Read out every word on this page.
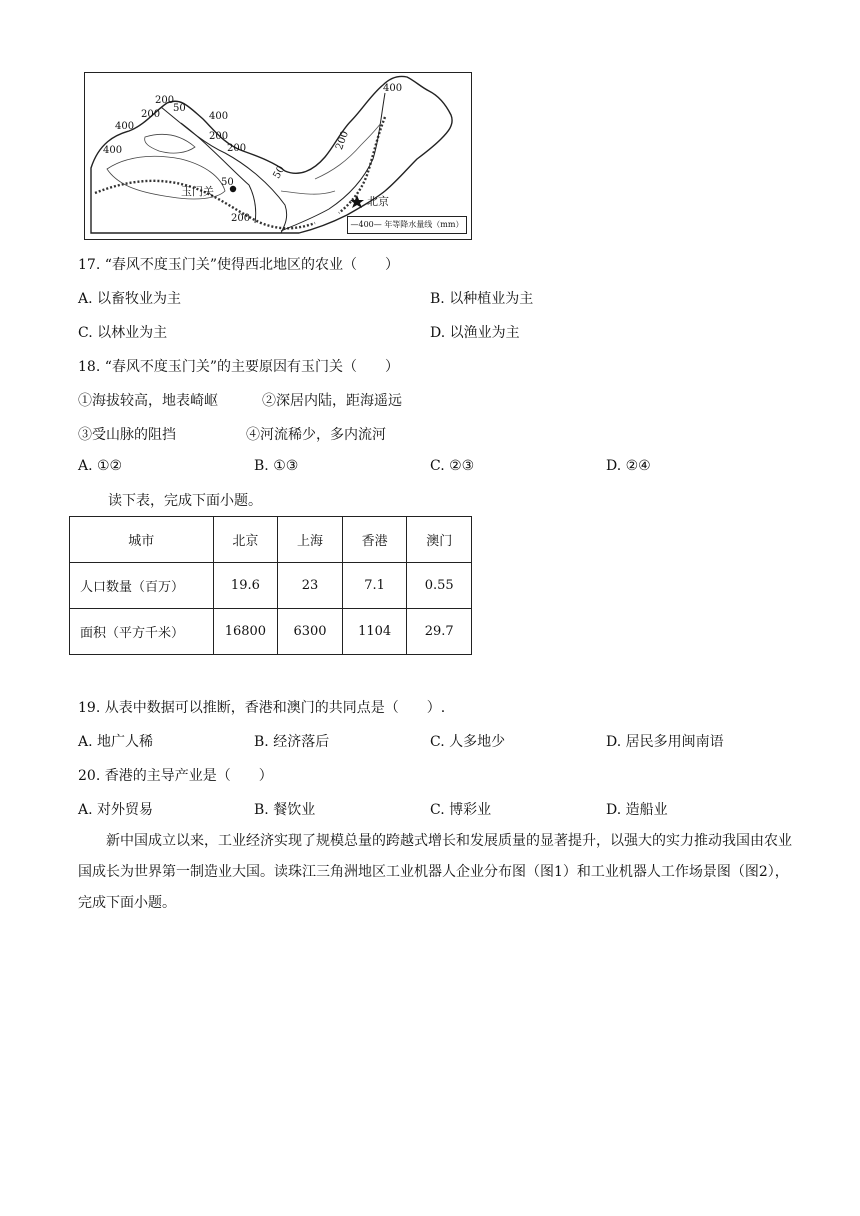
400
200
50
200	400
200
400
200
400	200
50
50
200
玉门关
北京
—400— 年等降水量线（mm）
17. “春风不度玉门关”使得西北地区的农业（　　）
A. 以畜牧业为主	B. 以种植业为主
C. 以林业为主	D. 以渔业为主
18. “春风不度玉门关”的主要原因有玉门关（　　）
①海拔较高，地表崎岖	②深居内陆，距海遥远
③受山脉的阻挡	④河流稀少，多内流河
A. ①②	B. ①③	C. ②③	D. ②④
读下表，完成下面小题。
城市	北京	上海	香港	澳门
人口数量（百万）	19.6	23	7.1	0.55
面积（平方千米）	16800	6300	1104	29.7
19. 从表中数据可以推断，香港和澳门的共同点是（　　）.
A. 地广人稀	B. 经济落后	C. 人多地少	D. 居民多用闽南语
20. 香港的主导产业是（　　）
A. 对外贸易	B. 餐饮业	C. 博彩业	D. 造船业
新中国成立以来，工业经济实现了规模总量的跨越式增长和发展质量的显著提升，以强大的实力推动我国由农业国成长为世界第一制造业大国。读珠江三角洲地区工业机器人企业分布图（图1）和工业机器人工作场景图（图2），完成下面小题。
